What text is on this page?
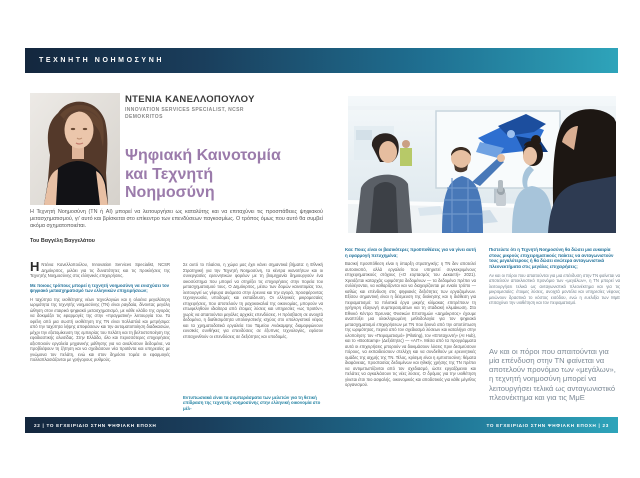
ΤΕΧΝΗΤΗ ΝΟΗΜΟΣΥΝΗ
ΝΤΕΝΙΑ ΚΑΝΕΛΛΟΠΟΥΛΟΥ
INNOVATION SERVICES SPECIALIST, NCSR
DEMOKRITOS
Ψηφιακή Καινοτομία
και Τεχνητή
Νοημοσύνη

Η Τεχνητή Νοημοσύνη (ΤΝ ή AI) μπορεί να λειτουργήσει ως καταλύτης και να επιταχύνει τις προσπάθειες ψηφιακού μετασχηματισμού, γι' αυτό και βρίσκεται στο επίκεντρο των επενδύσεων παγκοσμίως. Ο τρόπος όμως που αυτό θα συμβεί ακόμα σχηματοποιείται.

Του Βαγγέλη Βαγγελάτου

Η Ντένια Κανελλοπούλου, Innovation Services Specialist, NCSR Δημόκριτος, μιλάει για τις δυνατότητες και τις προκλήσεις της Τεχνητής Νοημοσύνης στις ελληνικές επιχειρήσεις.

Με ποιους τρόπους μπορεί η τεχνητή νοημοσύνη να ενισχύσει τον ψηφιακό μετασχηματισμό των ελληνικών επιχειρήσεων;

Η ταχύτητα της υιοθέτησης νέων τεχνολογιών και η ολοένα μεγαλύτερη ωριμότητα της τεχνητής νοημοσύνης (ΤΝ) είναι ραγδαία, δίνοντας μεγάλη ώθηση στον εταιρικό ψηφιακό μετασχηματισμό, με κάθε κλάδο της αγοράς να δοκιμάζει τις εφαρμογές της στην «πραγματική» λειτουργία του. Τα οφέλη από μια σωστή υιοθέτηση της ΤΝ είναι πολλαπλά και μετρήσιμα: από την ταχύτητα λήψης αποφάσεων και την αυτοματοποίηση διαδικασιών, μέχρι την εξατομίκευση της εμπειρίας του πελάτη και τη βελτιστοποίηση της εφοδιαστικής αλυσίδας. Στην Ελλάδα, όλο και περισσότερες επιχειρήσεις αξιοποιούν εργαλεία μηχανικής μάθησης για να αναλύσουν δεδομένα, να προβλέψουν τη ζήτηση και να σχεδιάσουν νέα προϊόντα και υπηρεσίες με γνώμονα τον πελάτη, ενώ και στον δημόσιο τομέα οι εφαρμογές πολλαπλασιάζονται με γρήγορους ρυθμούς.

Σε αυτό το πλαίσιο, η χώρα μας έχει κάνει σημαντικά βήματα: η Εθνική Στρατηγική για την Τεχνητή Νοημοσύνη, τα κέντρα ικανοτήτων και οι συνεργασίες ερευνητικών φορέων με τη βιομηχανία δημιουργούν ένα οικοσύστημα που μπορεί να στηρίξει τις επιχειρήσεις στην πορεία του μετασχηματισμού τους. Ο Δημόκριτος, μέσω των δομών καινοτομίας του, λειτουργεί ως γέφυρα ανάμεσα στην έρευνα και την αγορά, προσφέροντας τεχνογνωσία, υποδομές και εκπαίδευση. Οι ελληνικές μικρομεσαίες επιχειρήσεις, που αποτελούν τη ραχοκοκαλιά της οικονομίας, μπορούν να επωφεληθούν ιδιαίτερα από έτοιμες λύσεις και υπηρεσίες «ως προϊόν», χωρίς να απαιτούνται μεγάλες αρχικές επενδύσεις. Η πρόσβαση σε ανοιχτά δεδομένα, η διαθεσιμότητα υπολογιστικής ισχύος στο υπολογιστικό νέφος και τα χρηματοδοτικά εργαλεία του Ταμείου Ανάκαμψης διαμορφώνουν ευνοϊκές συνθήκες για επενδύσεις σε έξυπνες τεχνολογίες, εφόσον επιταχυνθούν οι επενδύσεις σε δεξιότητες και υποδομές.

Εντυπωσιακά είναι τα συμπεράσματα των μελετών για τη θετική επίδραση της τεχνητής νοημοσύνης στην ελληνική οικονομία στο μέλ-

Και: Ποιες είναι οι βασικότερες προϋποθέσεις για να γίνει αυτή η εφαρμογή πετυχημένα;

Βασική προϋπόθεση είναι η ύπαρξη στρατηγικής: η ΤΝ δεν αποτελεί αυτοσκοπό, αλλά εργαλείο που υπηρετεί συγκεκριμένους επιχειρηματικούς στόχους («Ο εορτασμός του Δεκαετή» 2021). Χρειάζεται καταρχάς ωριμότητα δεδομένων — τα δεδομένα πρέπει να συλλέγονται, να καθαρίζονται και να διαχειρίζονται με ενιαίο τρόπο — καθώς και επένδυση στις ψηφιακές δεξιότητες των εργαζομένων. Εξίσου σημαντική είναι η δέσμευση της διοίκησης και η διάθεση για πειραματισμό: τα πιλοτικά έργα μικρής κλίμακας επιτρέπουν τη γρήγορη εξαγωγή συμπερασμάτων και τη σταδιακή κλιμάκωση. Στο Εθνικό Κέντρο Έρευνας Φυσικών Επιστημών «Δημόκριτος» έχουμε αναπτύξει μια ολοκληρωμένη μεθοδολογία για τον ψηφιακό μετασχηματισμό επιχειρήσεων με ΤΝ που ξεκινά από την αποτύπωση της ωριμότητας, περνά από τον σχεδιασμό λύσεων και καταλήγει στην υλοποίηση: τον «Πειραματισμό» (Piloting), τον «Επιταχυντή» (AI Hub), και το «Bootcamp» (Δεξιότητες) — «ΑΙΤ». Μέσα από τα προγράμματα αυτά οι επιχειρήσεις μπορούν να δοκιμάσουν λύσεις πριν δεσμεύσουν πόρους, να εκπαιδεύσουν στελέχη και να συνδεθούν με ερευνητικές ομάδες της αιχμής της ΤΝ. Τέλος, κρίσιμη είναι η εμπιστοσύνη: θέματα διαφάνειας, προστασίας δεδομένων και ηθικής χρήσης της ΤΝ πρέπει να αντιμετωπίζονται από τον σχεδιασμό, ώστε εργαζόμενοι και πελάτες να αγκαλιάσουν τις νέες λύσεις. Ο δρόμος για την υιοθέτηση γίνεται έτσι πιο ασφαλής, οικονομικός και αποδοτικός για κάθε μέγεθος οργανισμού.

Πιστεύετε ότι η Τεχνητή Νοημοσύνη θα δώσει μια ευκαιρία στους μικρούς επιχειρηματικούς παίκτες να ανταγωνιστούν τους μεγαλύτερους ή θα δώσει ανώτερα ανταγωνιστικά πλεονεκτήματα στις μεγάλες επιχειρήσεις;

Αν και οι πόροι που απαιτούνται για μια επένδυση στην ΤΝ φαίνεται να αποτελούν αποκλειστικό προνόμιο των «μεγάλων», η ΤΝ μπορεί να λειτουργήσει τελικά ως ανταγωνιστικό πλεονέκτημα και για τις μικρομεσαίες: έτοιμες λύσεις, ανοιχτά μοντέλα και υπηρεσίες νέφους μειώνουν δραστικά το κόστος εισόδου, ενώ η ευελιξία των ΜμΕ επιταχύνει την υιοθέτηση και τον πειραματισμό.

Αν και οι πόροι που απαιτούνται για μία επένδυση στην ΤΝ φαίνεται να αποτελούν προνόμιο των «μεγάλων», η τεχνητή νοημοσύνη μπορεί να λειτουργήσει τελικά ως ανταγωνιστικό πλεονέκτημα και για τις ΜμΕ

22 | ΤΟ ΕΓΧΕΙΡΙΔΙΟ ΣΤΗΝ ΨΗΦΙΑΚΗ ΕΠΟΧΗ	ΤΟ ΕΓΧΕΙΡΙΔΙΟ ΣΤΗΝ ΨΗΦΙΑΚΗ ΕΠΟΧΗ | 23
